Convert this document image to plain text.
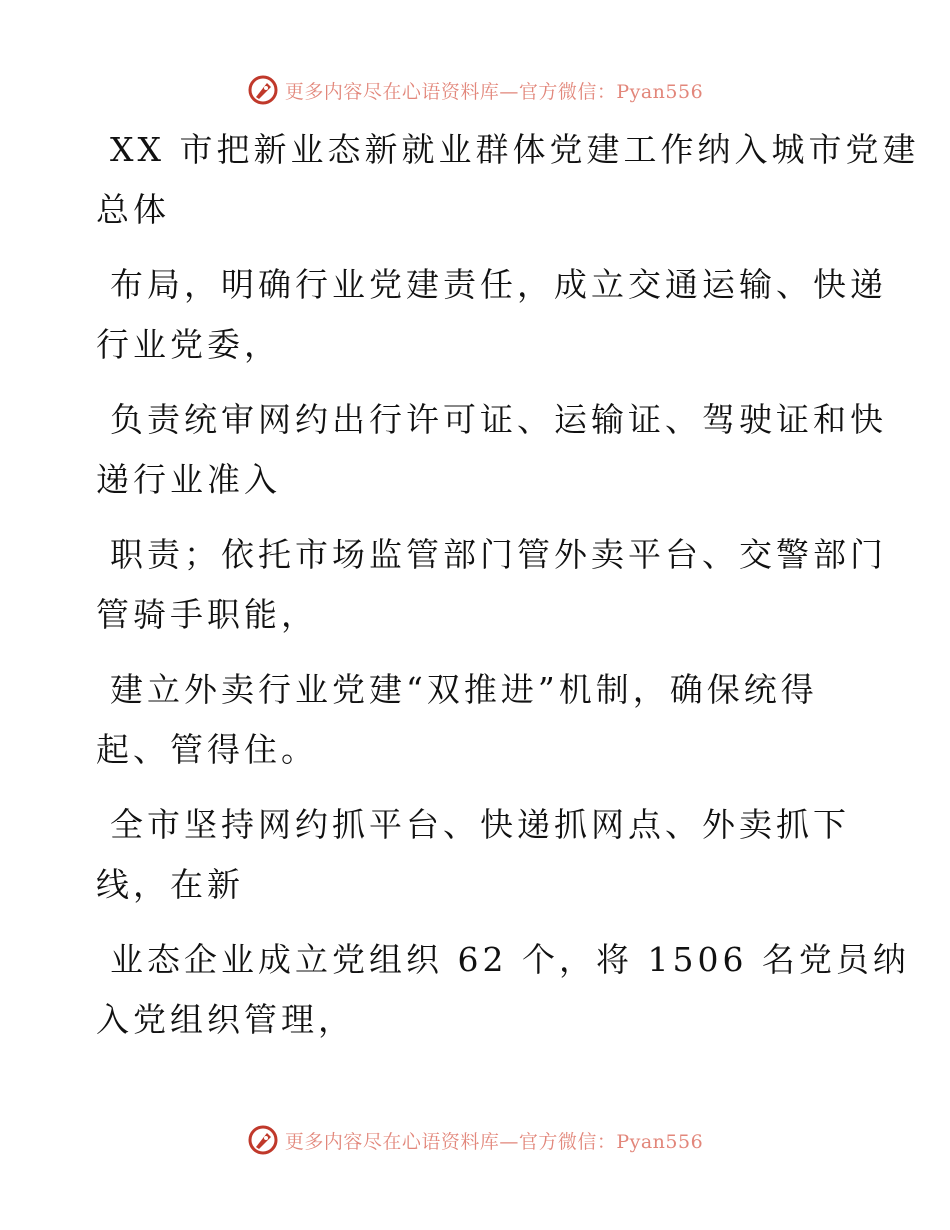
更多内容尽在心语资料库—官方微信：Pyan556
XX 市把新业态新就业群体党建工作纳入城市党建
总体
布局，明确行业党建责任，成立交通运输、快递
行业党委，
负责统审网约出行许可证、运输证、驾驶证和快
递行业准入
职责；依托市场监管部门管外卖平台、交警部门
管骑手职能，
建立外卖行业党建“双推进”机制，确保统得
起、管得住。
全市坚持网约抓平台、快递抓网点、外卖抓下
线，在新
业态企业成立党组织 62 个，将 1506 名党员纳
入党组织管理，
更多内容尽在心语资料库—官方微信：Pyan556
